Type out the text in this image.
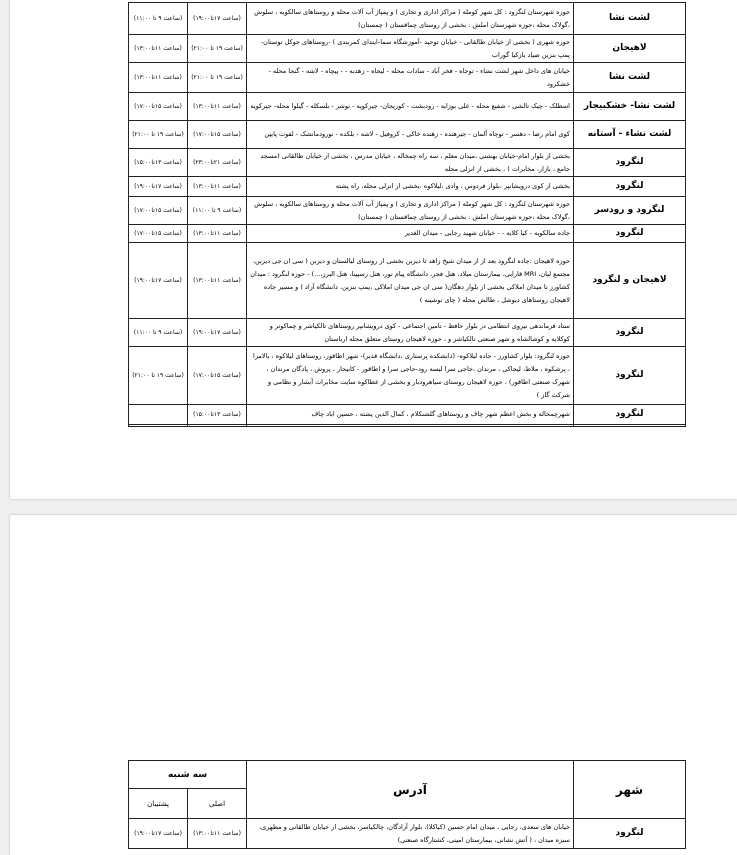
لشت نشا	حوزه شهرستان لنگرود : کل شهر کومله ( مراکز اداری و تجاری ) و پمپاژ آب آلات محله و روستاهای سالکویه ، سلوش ،گولاک محله ،حوزه شهرستان املش : بخشی از روستای چماقستان ( چمستان)	(ساعت ۱۷تا۱۹:۰۰)	(ساعت ۹ تا ۱۱:۰۰)
لاهیجان	حوزه شهری ( بخشی از خیابان طالقانی - خیابان توحید -آموزشگاه سما-ابتدای کمربندی ) -روستاهای جوکل توستان- پمپ بنزین صیاد بازکیا گوراب	(ساعت ۱۹ تا ۲۱:۰۰)	(ساعت ۱۱تا۱۳:۰۰)
لشت نشا	خیابان های داخل شهر لشت نشاء - توجاه - فخر آباد - سادات محله - لیجاه - زهدنه - - پیچاه - لاشه - گنجا محله - خشکرود	(ساعت ۱۹ تا ۲۱:۰۰)	(ساعت ۱۱تا۱۳:۰۰)
لشت نشا- خشکبیجار	اسطلک - چیک تالشی - شفیع محله - علی بوزایه - رودبشت - کوریجان- جیرکویه - نوشر - بلسکله - گیلوا محله- جیرکویه	(ساعت ۱۱تا۱۳:۰۰)	(ساعت ۱۵تا۱۷:۰۰)
لشت نشاء - آستانه	کوی امام رضا - دهسر - توچاه آلمان - جیرهنده - زهنده خاکی - کروفیل - لاشه - بلکده - نورودمانشک - لفوت پایین	(ساعت ۱۵تا۱۷:۰۰)	(ساعت ۱۹ تا ۲۱:۰۰)
لنگرود	بخشی از بلوار امام-خیابان بهشتی ،میدان معلم ، سه راه چمخاله ، خیابان مدرس ، بخشی از خیابان طالقانی (مسجد جامع ، بازار، مخابرات ) ، بخشی از انزلی محله	(ساعت ۲۱تا۲۳:۰۰)	(ساعت ۱۳تا۱۵:۰۰)
لنگرود	بخشی از کوی درویشانپر ،بلوار فردوس ، وادی ،لیلاکوه ،بخشی از انزلی محله، راه پشته	(ساعت ۱۱تا۱۳:۰۰)	(ساعت ۱۷تا۱۹:۰۰)
لنگرود و رودسر	حوزه شهرستان لنگرود : کل شهر کومله ( مراکز اداری و تجاری ) و پمپاژ آب آلات محله و روستاهای سالکویه ، سلوش ،گولاک محله ،حوزه شهرستان املش : بخشی از روستای چماقستان ( چمستان)	(ساعت ۹ تا ۱۱:۰۰)	(ساعت ۱۵تا۱۷:۰۰)
لنگرود	جاده سالکویه - کیا کلایه - - خیابان شهید رجایی - میدان الغدیر	(ساعت ۱۱تا۱۳:۰۰)	(ساعت ۱۵تا۱۷:۰۰)
لاهیجان و لنگرود	حوزه لاهیجان :جاده لنگرود بعد از از میدان شیخ زاهد تا دیزبن بخشی از روستای لیالستان و دیزبن ( سی ان جی دیزبن، مجتمع لیان، MRI قارابی، بیمارستان میلاد، هتل فجر، دانشگاه پیام نور، هتل رسپینا، هتل البرز،...) - حوزه لنگرود : میدان کشاورز تا میدان املاکی بخشی از بلوار دهگان( سی ان جی میدان املاکی ،پمپ بنزین، دانشگاه آزاد ) و مسیر جاده لاهیجان روستاهای دیوشل ، طالش محله ( چای نوشینه )	(ساعت ۱۱تا۱۳:۰۰)	(ساعت ۱۷تا۱۹:۰۰)
لنگرود	ستاد فرماندهی نیروی انتظامی در بلوار حافظ - تامین اجتماعی - کوی درویشانپر روستاهای تالکیاشر و چماکوتر و کوکلایه و کوشالشاه و شهر صنعتی تالکیاشر و ، حوزه لاهیجان روستای متعلق محله ارباستان	(ساعت ۱۷تا۱۹:۰۰)	(ساعت ۹ تا ۱۱:۰۰)
لنگرود	حوزه لنگرود: بلوار کشاورز - جاده لیلاکوه- (دانشکده پرستاری ،دانشگاه قدیر)- شهر اطاقور، روستاهای لیلاکوه ، بالامرا ، پرشکوه ، ملاط، لیجاکی ، مرندان ،حاجی سرا لیسه رود-حاجی سرا و اطاقور - کابیجار ، پروش ، پادگان مرندان ، شهرک صنعتی اطاقور) ، حوزه لاهیجان روستای سیاهرودبار و بخشی از عطاکوه سایت مخابرات آبشار و نظامی و شرکت گاز )	(ساعت ۱۵تا۱۷:۰۰)	(ساعت ۱۹ تا ۲۱:۰۰)
لنگرود	شهرچمخاله و بخش اعظم شهر چاف و روستاهای گلشنکلام ، کمال الدین پشته ، حسین اباد چاف	(ساعت ۱۳تا۱۵:۰۰)	

شهر	آدرس	سه شنبه	
		اصلی	پشتیبان
لنگرود	خیابان های سعدی، رجایی ، میدان امام حسین (کیاکلا)، بلوار آزادگان، چالکیاسر، بخشی از خیابان طالقانی و مطهری، سبزه میدان ، ( آتش نشانی، بیمارستان امینی، کشتارگاه صنعتی)	(ساعت ۱۱تا۱۳:۰۰)	(ساعت ۱۷تا۱۹:۰۰)
